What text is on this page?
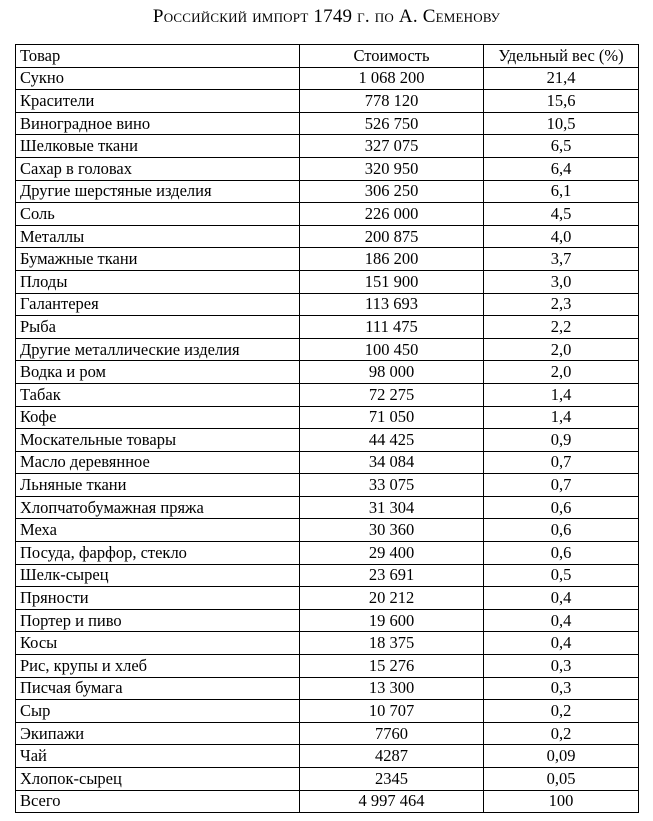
Российский импорт 1749 г. по А. Семенову
Товар	Стоимость	Удельный вес (%)
Сукно	1 068 200	21,4
Красители	778 120	15,6
Виноградное вино	526 750	10,5
Шелковые ткани	327 075	6,5
Сахар в головах	320 950	6,4
Другие шерстяные изделия	306 250	6,1
Соль	226 000	4,5
Металлы	200 875	4,0
Бумажные ткани	186 200	3,7
Плоды	151 900	3,0
Галантерея	113 693	2,3
Рыба	111 475	2,2
Другие металлические изделия	100 450	2,0
Водка и ром	98 000	2,0
Табак	72 275	1,4
Кофе	71 050	1,4
Москательные товары	44 425	0,9
Масло деревянное	34 084	0,7
Льняные ткани	33 075	0,7
Хлопчатобумажная пряжа	31 304	0,6
Меха	30 360	0,6
Посуда, фарфор, стекло	29 400	0,6
Шелк-сырец	23 691	0,5
Пряности	20 212	0,4
Портер и пиво	19 600	0,4
Косы	18 375	0,4
Рис, крупы и хлеб	15 276	0,3
Писчая бумага	13 300	0,3
Сыр	10 707	0,2
Экипажи	7760	0,2
Чай	4287	0,09
Хлопок-сырец	2345	0,05
Всего	4 997 464	100
